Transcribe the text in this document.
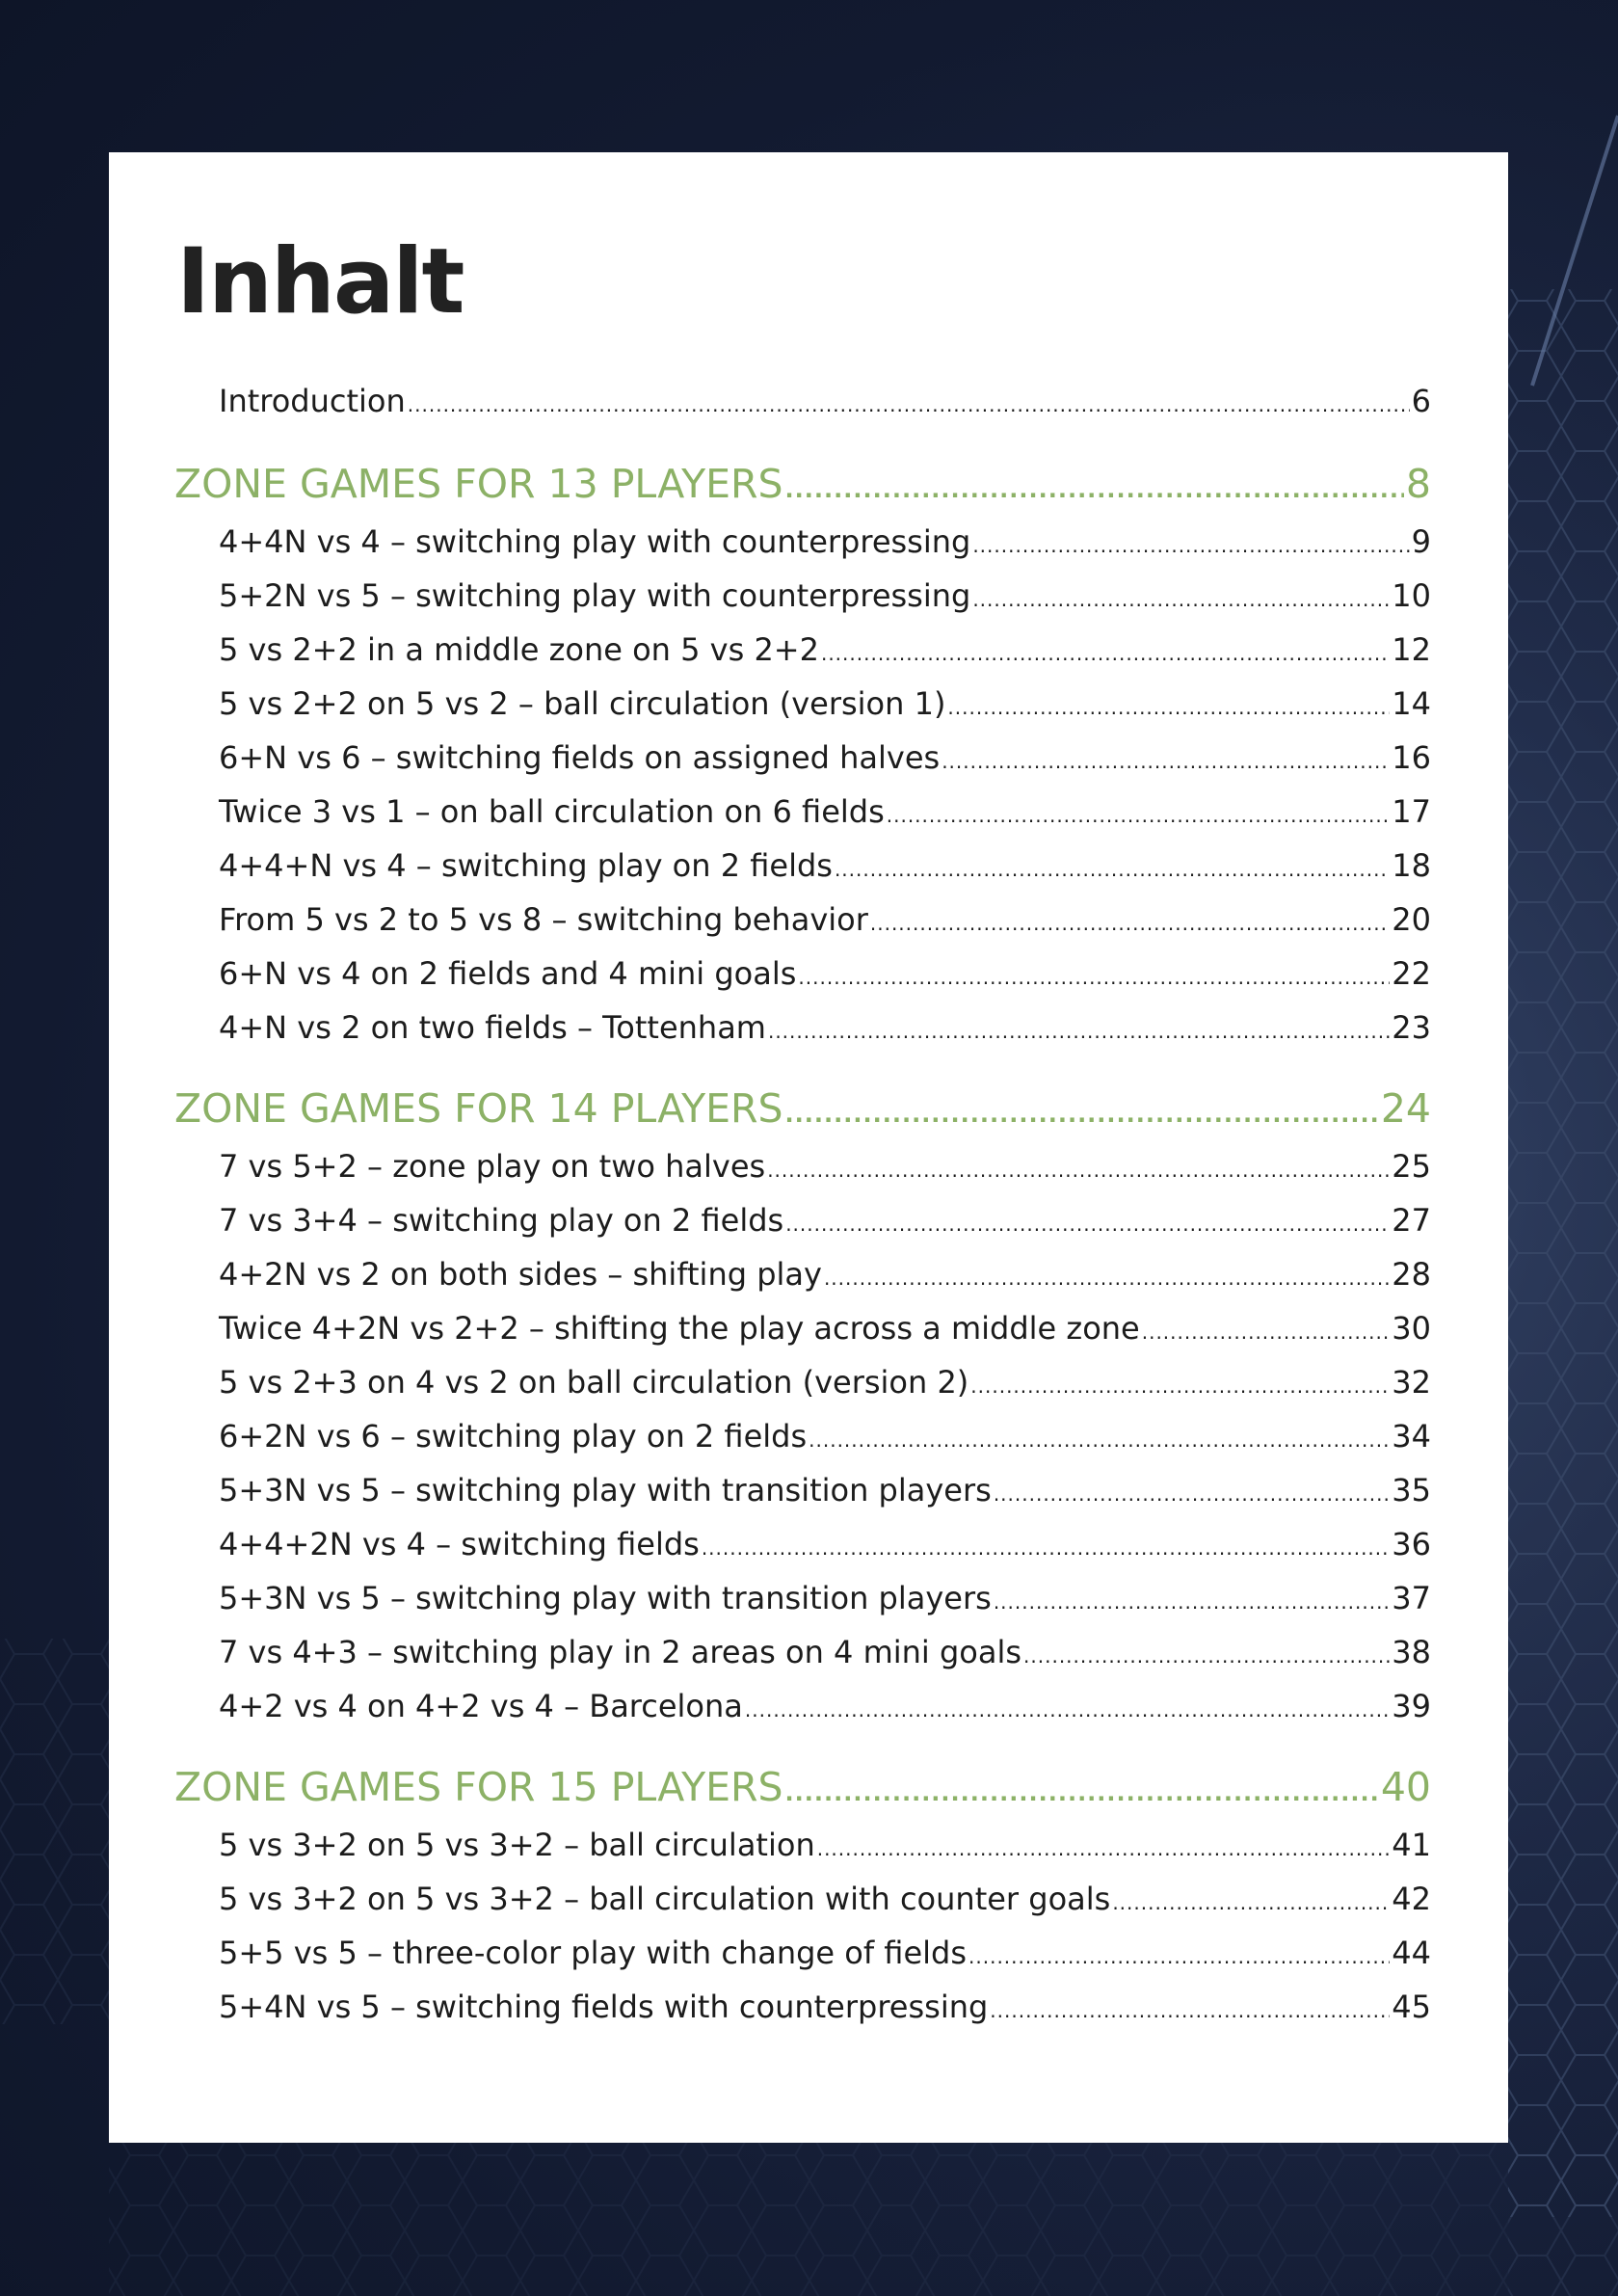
Inhalt
Introduction .....	6
ZONE GAMES FOR 13 PLAYERS .....	8
4+4N vs 4 – switching play with counterpressing .....	9
5+2N vs 5 – switching play with counterpressing .....	10
5 vs 2+2 in a middle zone on 5 vs 2+2 .....	12
5 vs 2+2 on 5 vs 2 – ball circulation (version 1) .....	14
6+N vs 6 – switching fields on assigned halves .....	16
Twice 3 vs 1 – on ball circulation on 6 fields .....	17
4+4+N vs 4 – switching play on 2 fields .....	18
From 5 vs 2 to 5 vs 8 – switching behavior .....	20
6+N vs 4 on 2 fields and 4 mini goals .....	22
4+N vs 2 on two fields – Tottenham .....	23
ZONE GAMES FOR 14 PLAYERS .....	24
7 vs 5+2 – zone play on two halves .....	25
7 vs 3+4 – switching play on 2 fields .....	27
4+2N vs 2 on both sides – shifting play .....	28
Twice 4+2N vs 2+2 – shifting the play across a middle zone .....	30
5 vs 2+3 on 4 vs 2 on ball circulation (version 2) .....	32
6+2N vs 6 – switching play on 2 fields .....	34
5+3N vs 5 – switching play with transition players .....	35
4+4+2N vs 4 – switching fields .....	36
5+3N vs 5 – switching play with transition players .....	37
7 vs 4+3 – switching play in 2 areas on 4 mini goals .....	38
4+2 vs 4 on 4+2 vs 4 – Barcelona .....	39
ZONE GAMES FOR 15 PLAYERS .....	40
5 vs 3+2 on 5 vs 3+2 – ball circulation .....	41
5 vs 3+2 on 5 vs 3+2 – ball circulation with counter goals .....	42
5+5 vs 5 – three-color play with change of fields .....	44
5+4N vs 5 – switching fields with counterpressing .....	45
